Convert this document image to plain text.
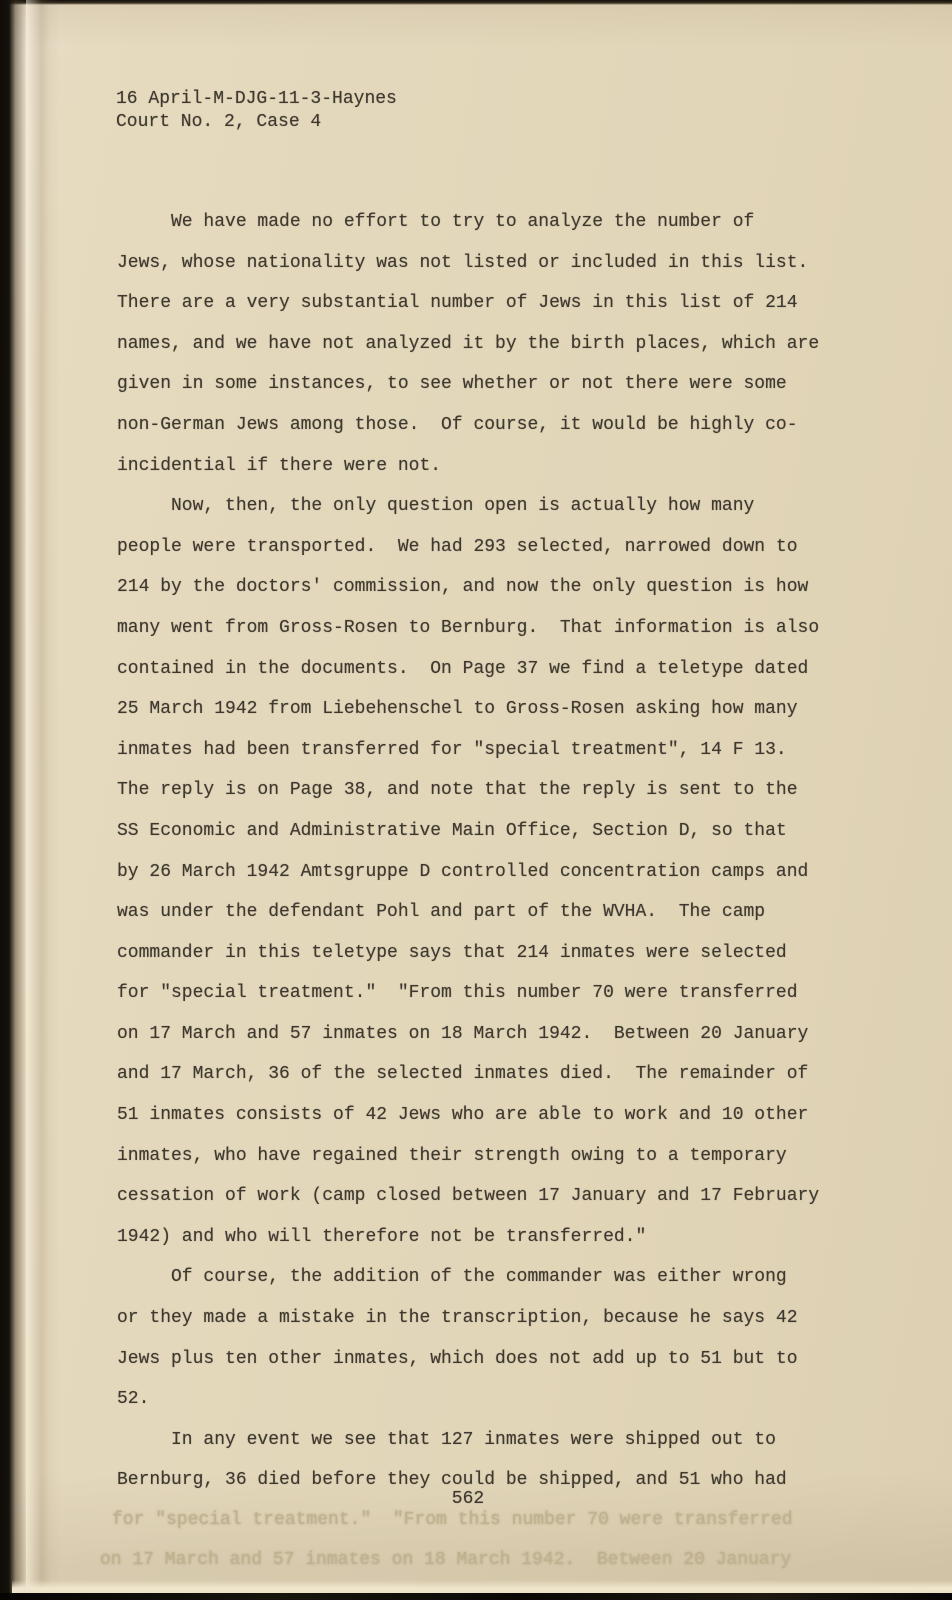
16 April-M-DJG-11-3-Haynes
Court No. 2, Case 4
We have made no effort to try to analyze the number of
Jews, whose nationality was not listed or included in this list.
There are a very substantial number of Jews in this list of 214
names, and we have not analyzed it by the birth places, which are
given in some instances, to see whether or not there were some
non-German Jews among those.  Of course, it would be highly co-
incidential if there were not.
Now, then, the only question open is actually how many
people were transported.  We had 293 selected, narrowed down to
214 by the doctors' commission, and now the only question is how
many went from Gross-Rosen to Bernburg.  That information is also
contained in the documents.  On Page 37 we find a teletype dated
25 March 1942 from Liebehenschel to Gross-Rosen asking how many
inmates had been transferred for "special treatment", 14 F 13.
The reply is on Page 38, and note that the reply is sent to the
SS Economic and Administrative Main Office, Section D, so that
by 26 March 1942 Amtsgruppe D controlled concentration camps and
was under the defendant Pohl and part of the WVHA.  The camp
commander in this teletype says that 214 inmates were selected
for "special treatment."  "From this number 70 were transferred
on 17 March and 57 inmates on 18 March 1942.  Between 20 January
and 17 March, 36 of the selected inmates died.  The remainder of
51 inmates consists of 42 Jews who are able to work and 10 other
inmates, who have regained their strength owing to a temporary
cessation of work (camp closed between 17 January and 17 February
1942) and who will therefore not be transferred."
Of course, the addition of the commander was either wrong
or they made a mistake in the transcription, because he says 42
Jews plus ten other inmates, which does not add up to 51 but to
52.
In any event we see that 127 inmates were shipped out to
Bernburg, 36 died before they could be shipped, and 51 who had
562
for "special treatment."  "From this number 70 were transferred
on 17 March and 57 inmates on 18 March 1942.  Between 20 January
